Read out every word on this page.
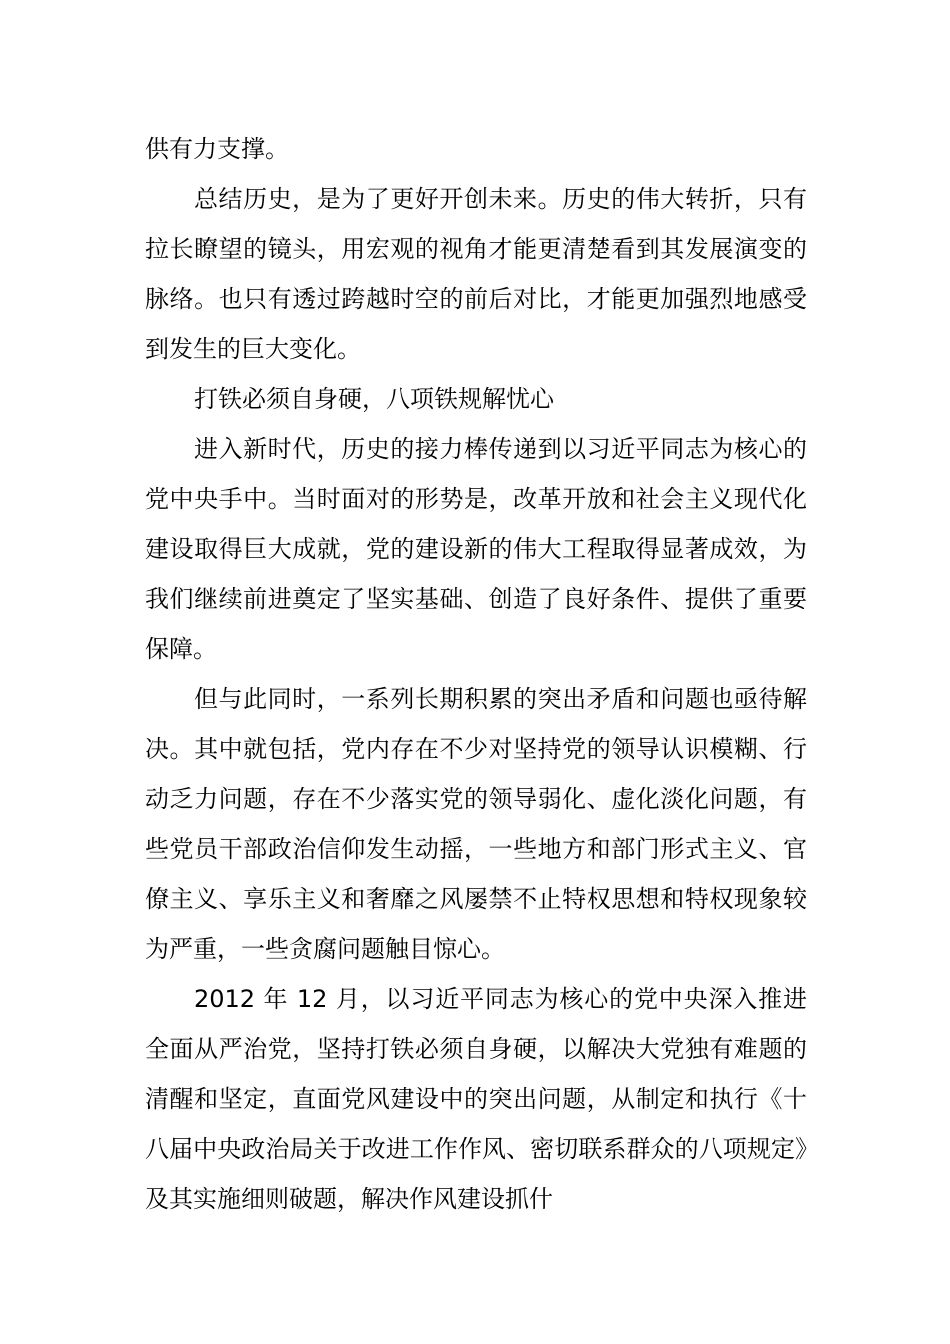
供有力支撑。

总结历史，是为了更好开创未来。历史的伟大转折，只有拉长瞭望的镜头，用宏观的视角才能更清楚看到其发展演变的脉络。也只有透过跨越时空的前后对比，才能更加强烈地感受到发生的巨大变化。

打铁必须自身硬，八项铁规解忧心

进入新时代，历史的接力棒传递到以习近平同志为核心的党中央手中。当时面对的形势是，改革开放和社会主义现代化建设取得巨大成就，党的建设新的伟大工程取得显著成效，为我们继续前进奠定了坚实基础、创造了良好条件、提供了重要保障。

但与此同时，一系列长期积累的突出矛盾和问题也亟待解决。其中就包括，党内存在不少对坚持党的领导认识模糊、行动乏力问题，存在不少落实党的领导弱化、虚化淡化问题，有些党员干部政治信仰发生动摇，一些地方和部门形式主义、官僚主义、享乐主义和奢靡之风屡禁不止特权思想和特权现象较为严重，一些贪腐问题触目惊心。

2012 年 12 月，以习近平同志为核心的党中央深入推进全面从严治党，坚持打铁必须自身硬，以解决大党独有难题的清醒和坚定，直面党风建设中的突出问题，从制定和执行《十八届中央政治局关于改进工作作风、密切联系群众的八项规定》及其实施细则破题，解决作风建设抓什
